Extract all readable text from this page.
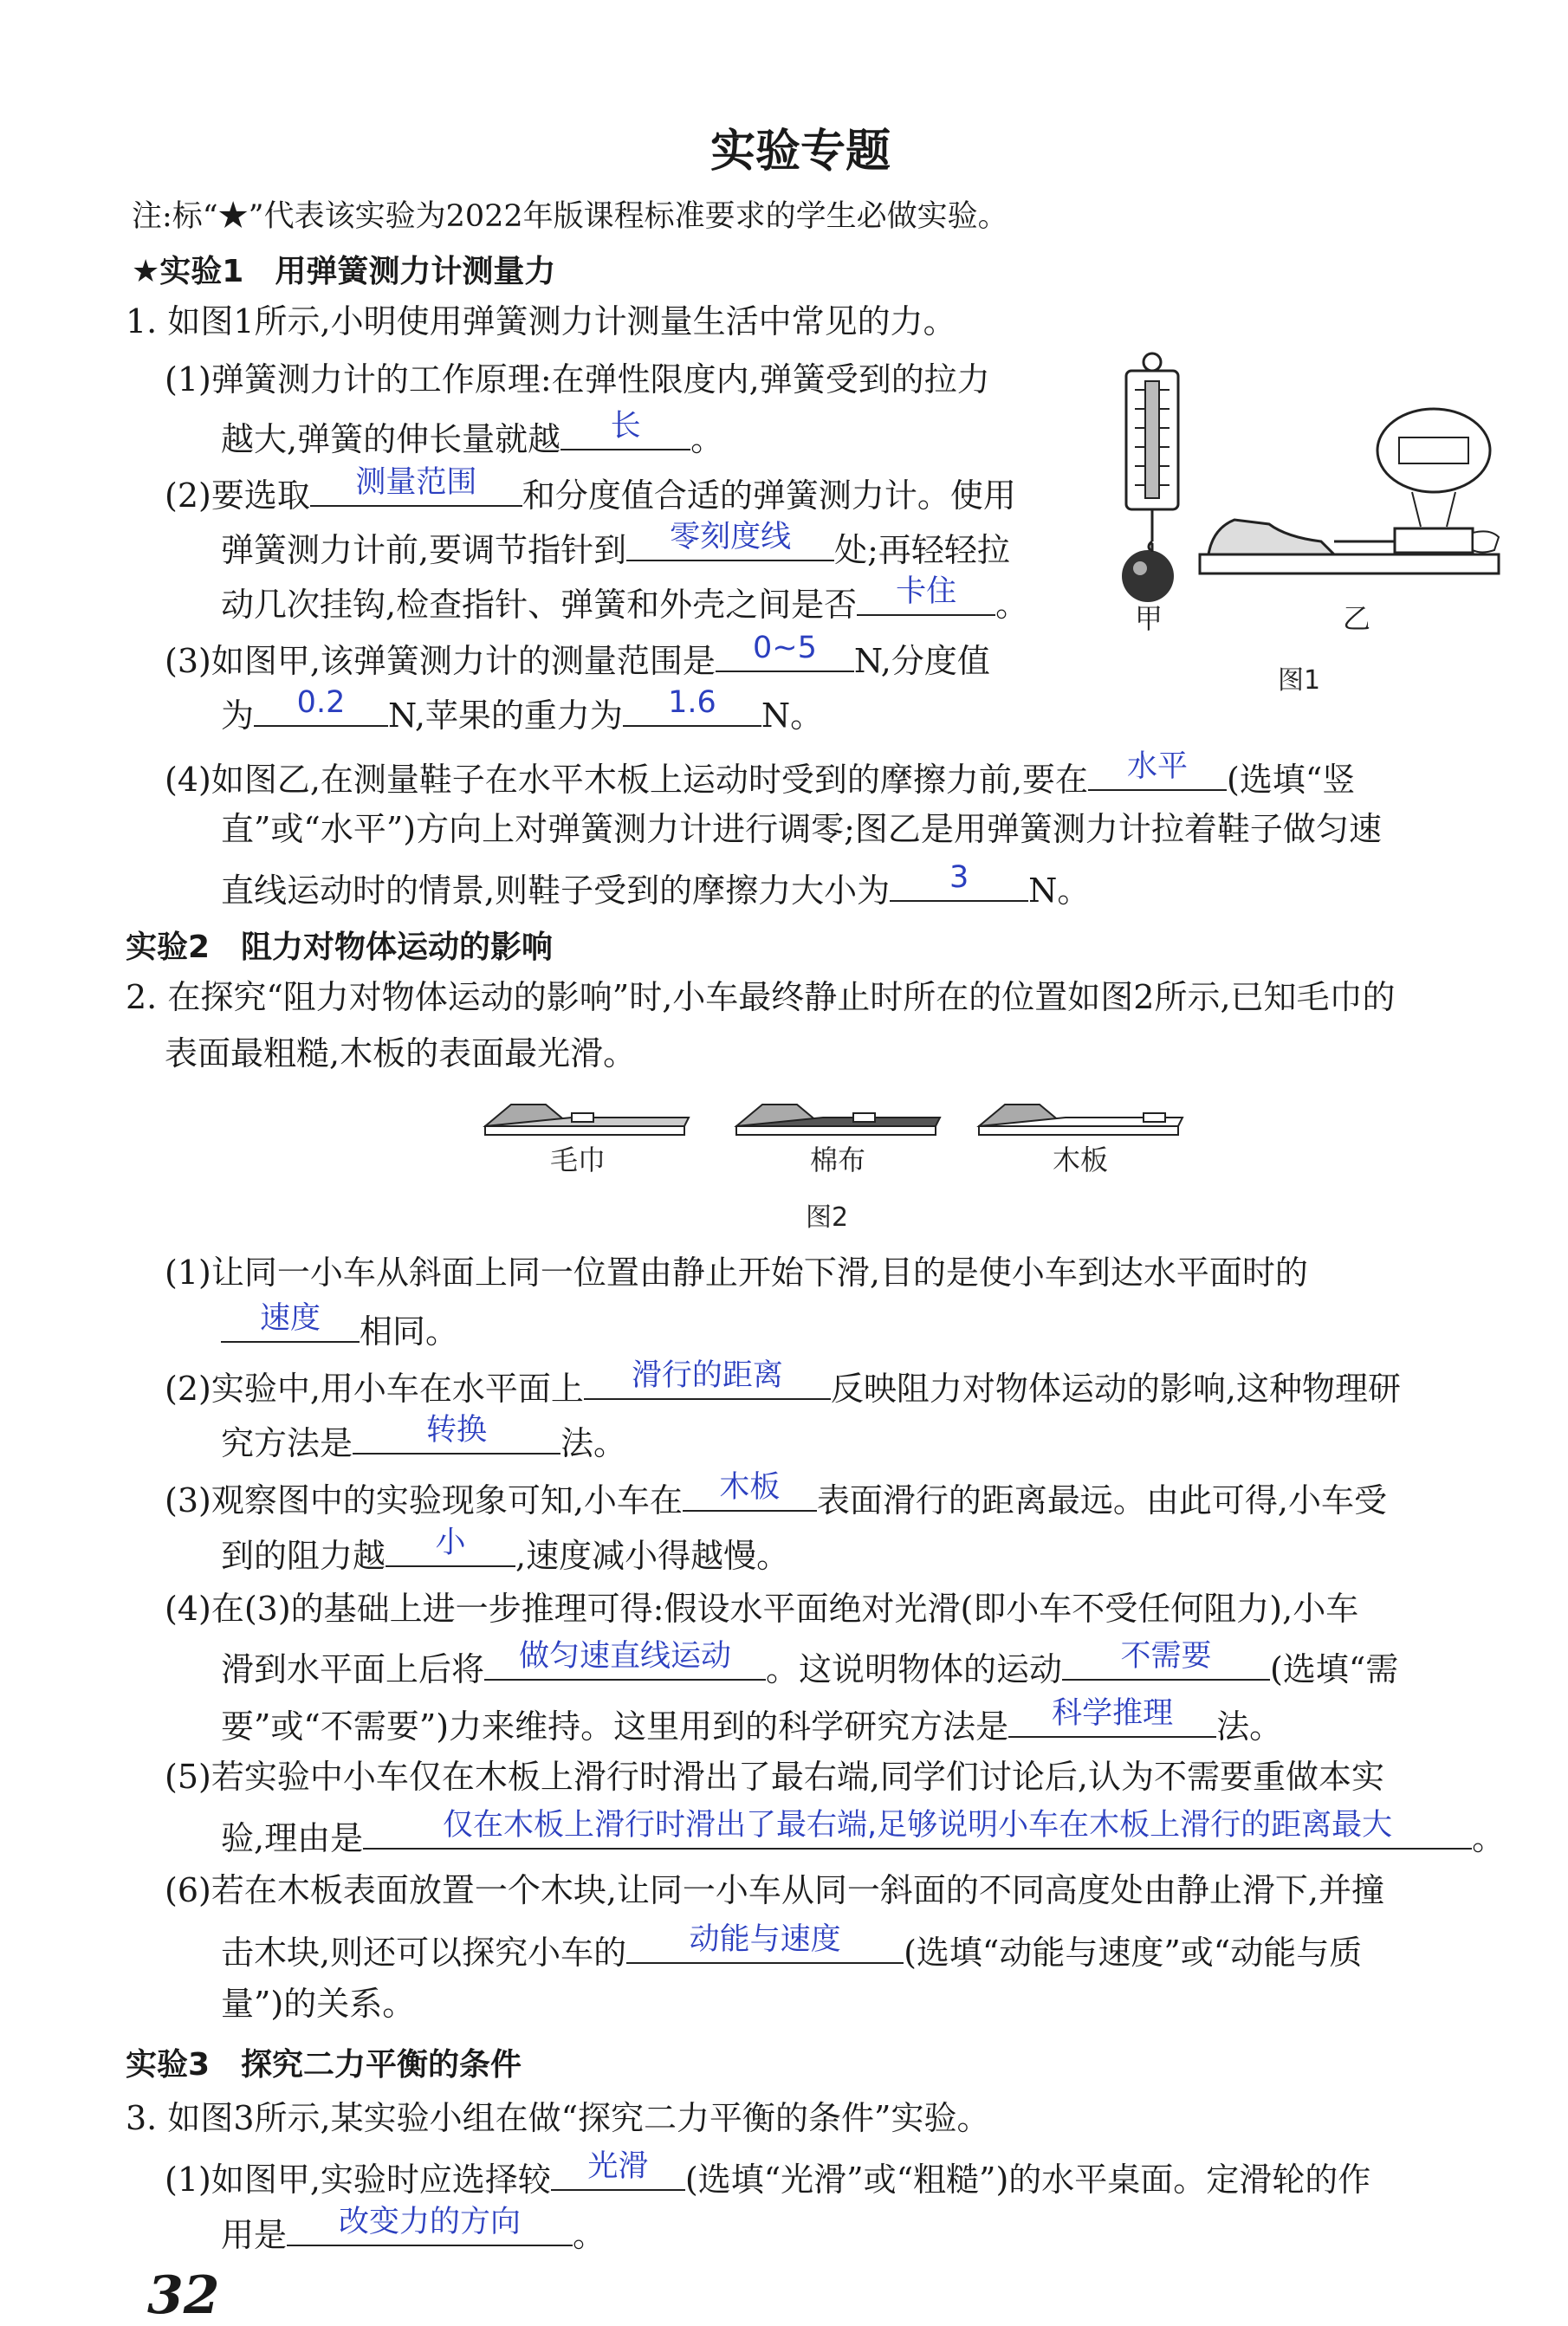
实验专题
注:标“★”代表该实验为2022年版课程标准要求的学生必做实验。
★实验1　用弹簧测力计测量力
1. 如图1所示,小明使用弹簧测力计测量生活中常见的力。
(1)弹簧测力计的工作原理:在弹性限度内,弹簧受到的拉力
越大,弹簧的伸长量就越	长	。
(2)要选取	测量范围	和分度值合适的弹簧测力计。使用
弹簧测力计前,要调节指针到	零刻度线	处;再轻轻拉
动几次挂钩,检查指针、弹簧和外壳之间是否	卡住	。
(3)如图甲,该弹簧测力计的测量范围是	0~5	N,分度值
为	0.2	N,苹果的重力为	1.6	N。
(4)如图乙,在测量鞋子在水平木板上运动时受到的摩擦力前,要在	水平	(选填“竖
直”或“水平”)方向上对弹簧测力计进行调零;图乙是用弹簧测力计拉着鞋子做匀速
直线运动时的情景,则鞋子受到的摩擦力大小为	3	N。
甲	乙
图1
实验2　阻力对物体运动的影响
2. 在探究“阻力对物体运动的影响”时,小车最终静止时所在的位置如图2所示,已知毛巾的
表面最粗糙,木板的表面最光滑。
毛巾	棉布	木板
图2
(1)让同一小车从斜面上同一位置由静止开始下滑,目的是使小车到达水平面时的
速度	相同。
(2)实验中,用小车在水平面上	滑行的距离	反映阻力对物体运动的影响,这种物理研
究方法是	转换	法。
(3)观察图中的实验现象可知,小车在	木板	表面滑行的距离最远。由此可得,小车受
到的阻力越	小	,速度减小得越慢。
(4)在(3)的基础上进一步推理可得:假设水平面绝对光滑(即小车不受任何阻力),小车
滑到水平面上后将	做匀速直线运动	。这说明物体的运动	不需要	(选填“需
要”或“不需要”)力来维持。这里用到的科学研究方法是	科学推理	法。
(5)若实验中小车仅在木板上滑行时滑出了最右端,同学们讨论后,认为不需要重做本实
验,理由是	仅在木板上滑行时滑出了最右端,足够说明小车在木板上滑行的距离最大	。
(6)若在木板表面放置一个木块,让同一小车从同一斜面的不同高度处由静止滑下,并撞
击木块,则还可以探究小车的	动能与速度	(选填“动能与速度”或“动能与质
量”)的关系。
实验3　探究二力平衡的条件
3. 如图3所示,某实验小组在做“探究二力平衡的条件”实验。
(1)如图甲,实验时应选择较	光滑	(选填“光滑”或“粗糙”)的水平桌面。定滑轮的作
用是	改变力的方向	。
32
